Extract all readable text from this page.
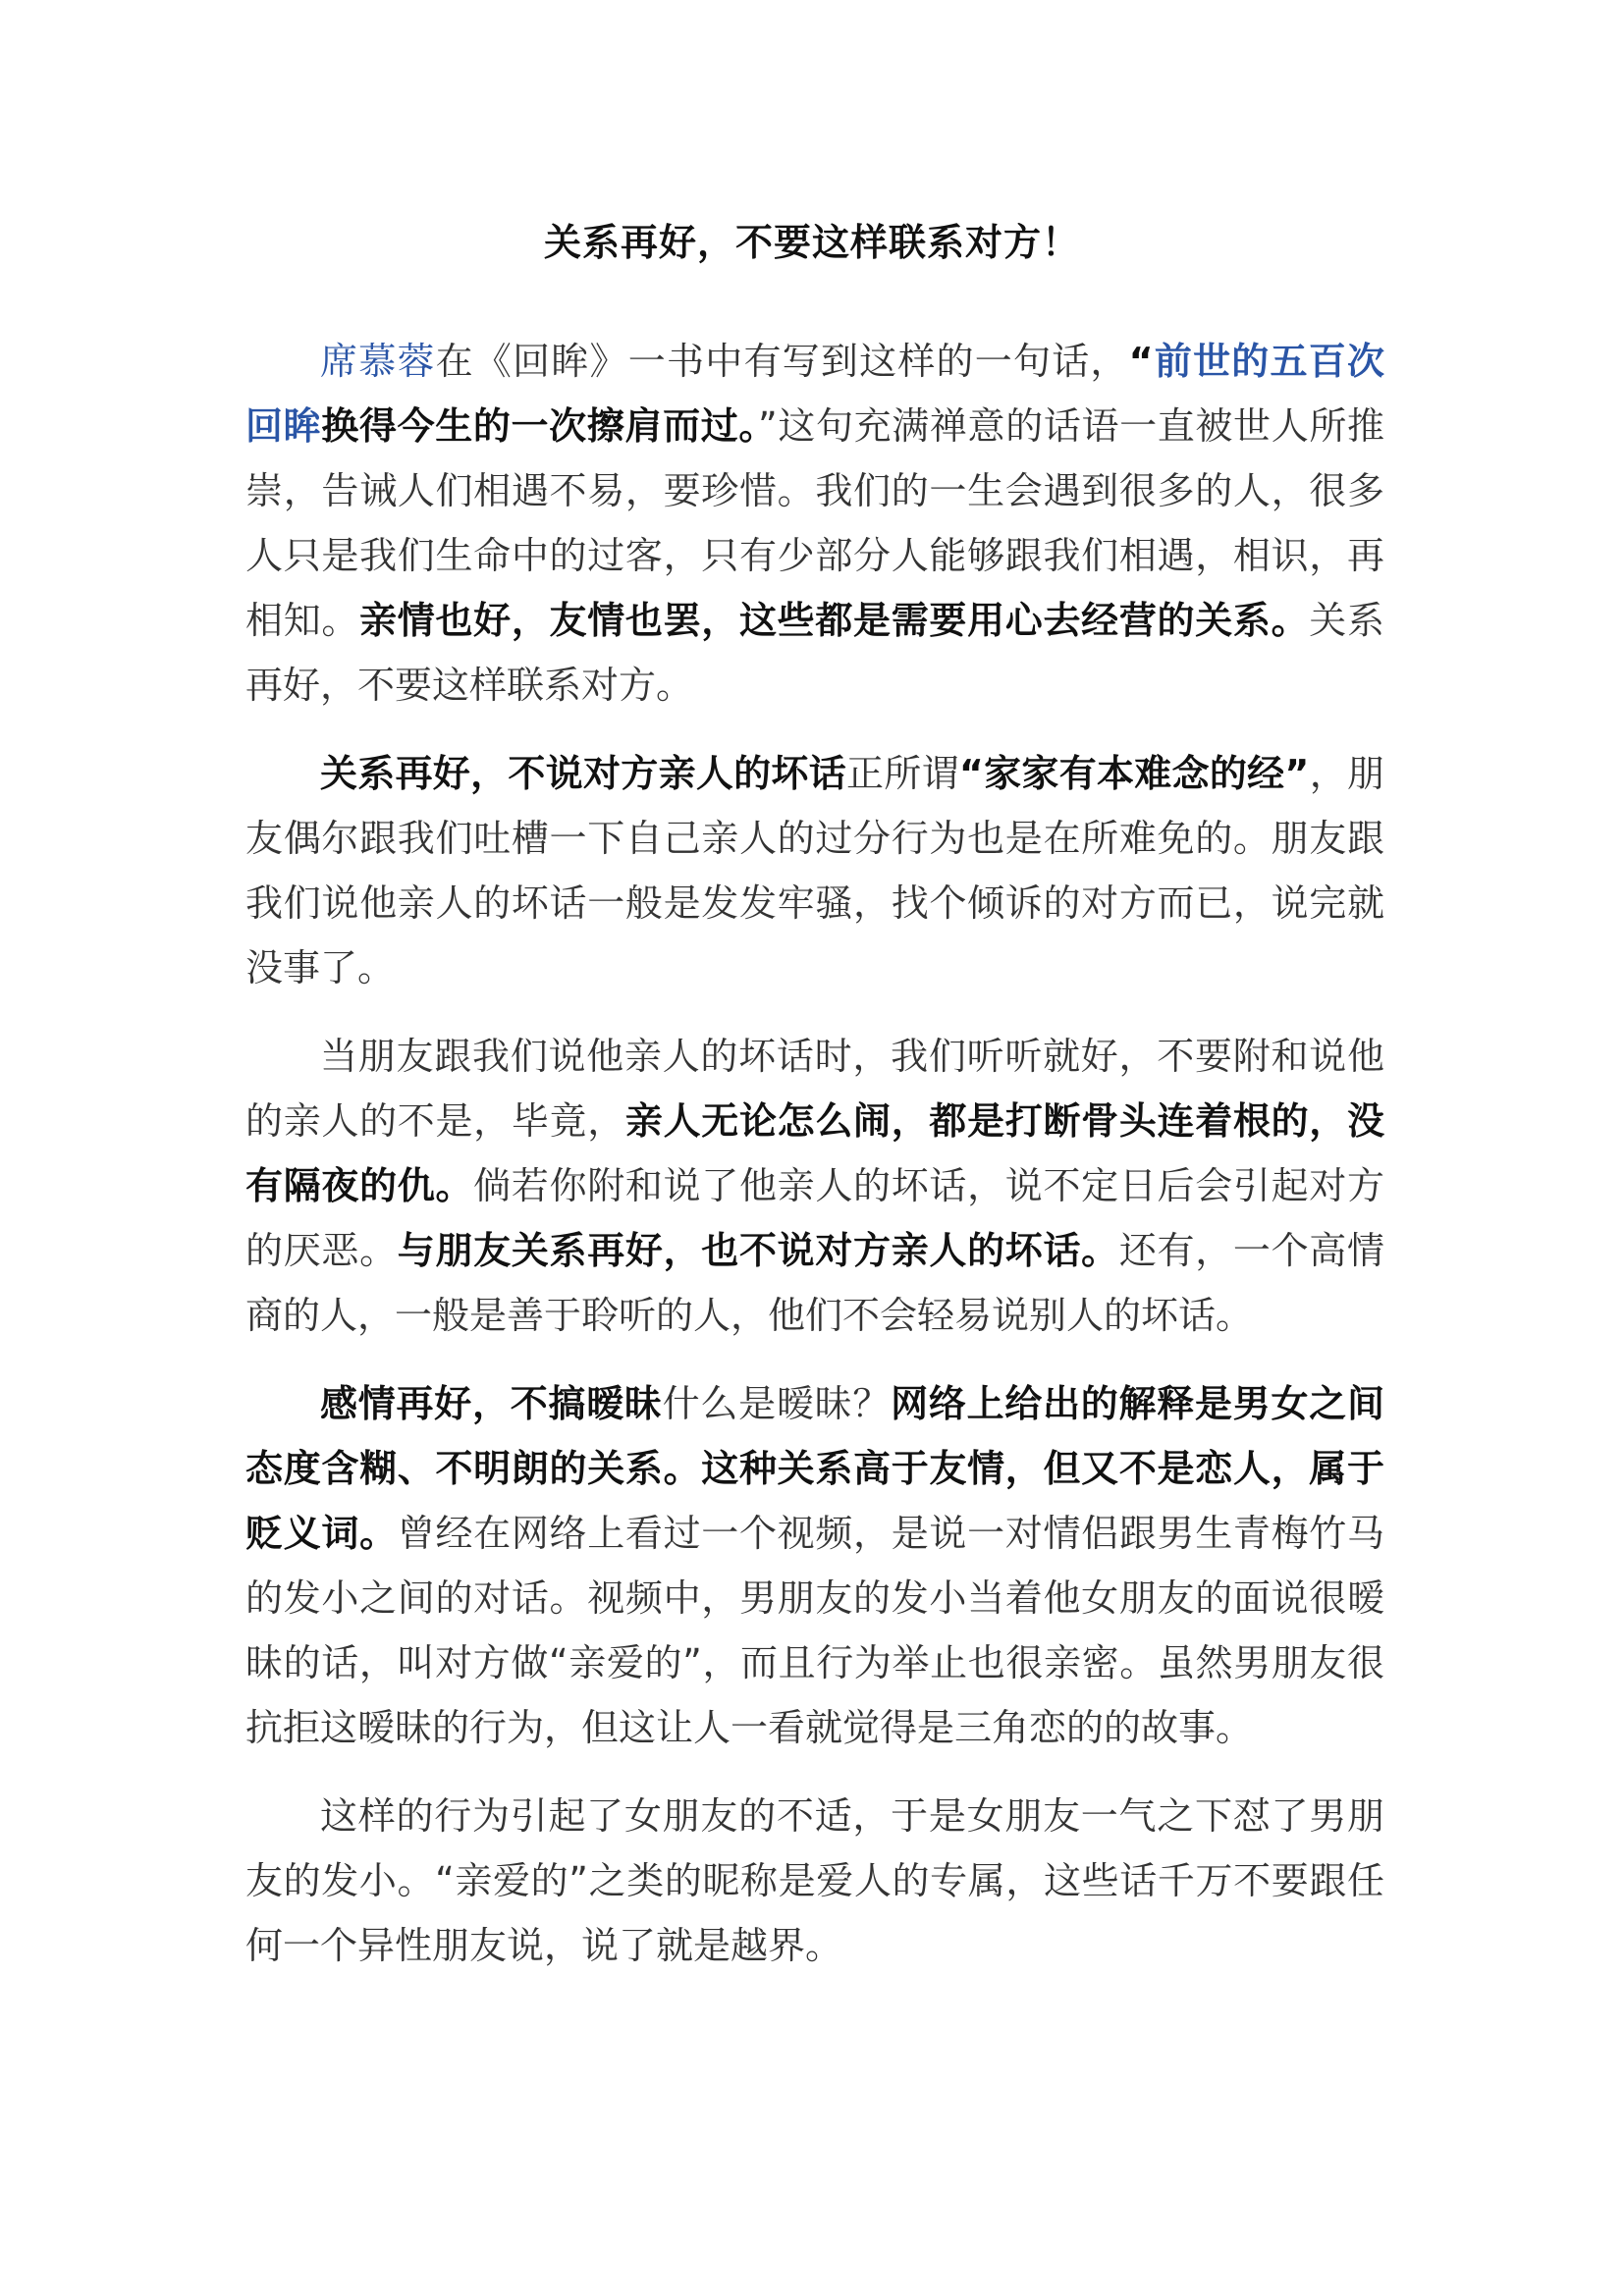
关系再好，不要这样联系对方！

席慕蓉在《回眸》一书中有写到这样的一句话，“前世的五百次回眸换得今生的一次擦肩而过。”这句充满禅意的话语一直被世人所推崇，告诫人们相遇不易，要珍惜。我们的一生会遇到很多的人，很多人只是我们生命中的过客，只有少部分人能够跟我们相遇，相识，再相知。亲情也好，友情也罢，这些都是需要用心去经营的关系。关系再好，不要这样联系对方。

关系再好，不说对方亲人的坏话正所谓“家家有本难念的经”，朋友偶尔跟我们吐槽一下自己亲人的过分行为也是在所难免的。朋友跟我们说他亲人的坏话一般是发发牢骚，找个倾诉的对方而已，说完就没事了。

当朋友跟我们说他亲人的坏话时，我们听听就好，不要附和说他的亲人的不是，毕竟，亲人无论怎么闹，都是打断骨头连着根的，没有隔夜的仇。倘若你附和说了他亲人的坏话，说不定日后会引起对方的厌恶。与朋友关系再好，也不说对方亲人的坏话。还有，一个高情商的人，一般是善于聆听的人，他们不会轻易说别人的坏话。

感情再好，不搞暧昧什么是暧昧？网络上给出的解释是男女之间态度含糊、不明朗的关系。这种关系高于友情，但又不是恋人，属于贬义词。曾经在网络上看过一个视频，是说一对情侣跟男生青梅竹马的发小之间的对话。视频中，男朋友的发小当着他女朋友的面说很暧昧的话，叫对方做“亲爱的”，而且行为举止也很亲密。虽然男朋友很抗拒这暧昧的行为，但这让人一看就觉得是三角恋的的故事。

这样的行为引起了女朋友的不适，于是女朋友一气之下怼了男朋友的发小。“亲爱的”之类的昵称是爱人的专属，这些话千万不要跟任何一个异性朋友说，说了就是越界。
